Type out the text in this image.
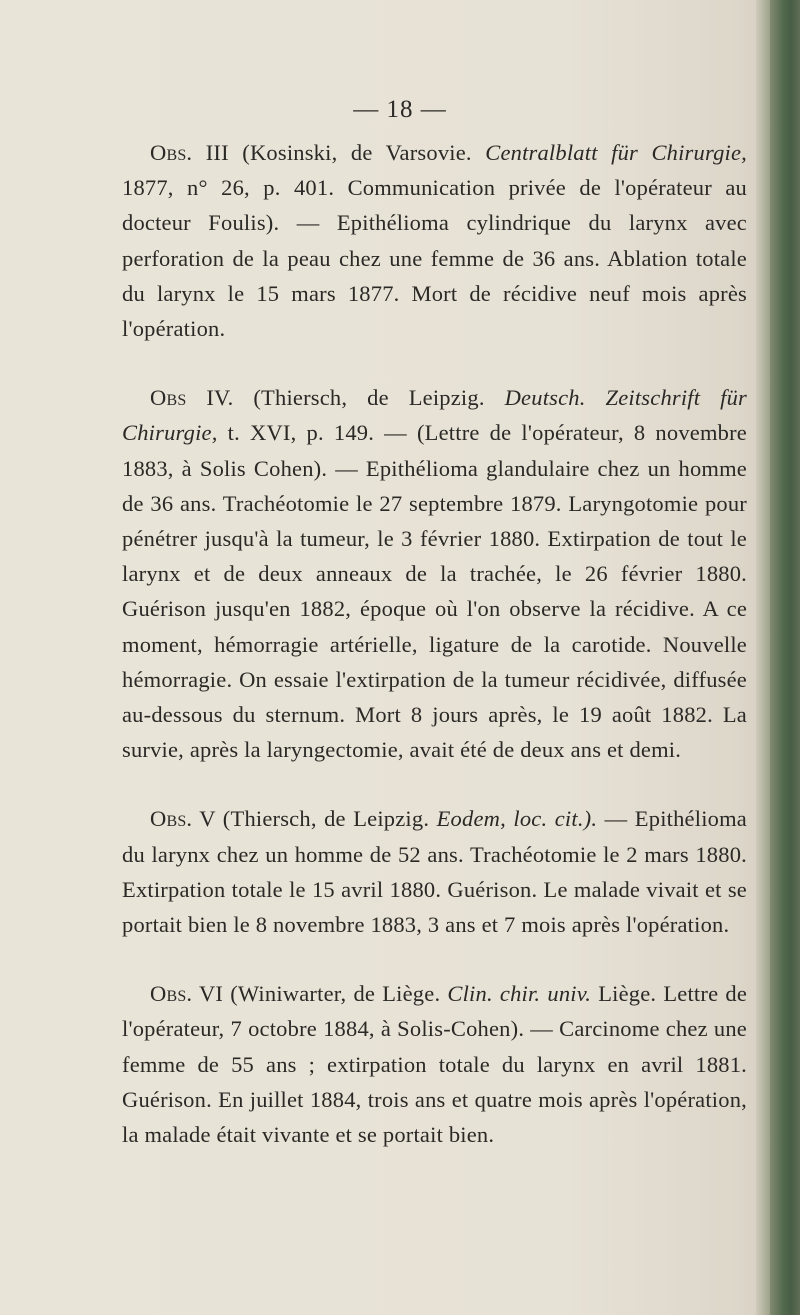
— 18 —

Obs. III (Kosinski, de Varsovie. Centralblatt für Chirurgie, 1877, n° 26, p. 401. Communication privée de l'opérateur au docteur Foulis). — Epithélioma cylindrique du larynx avec perforation de la peau chez une femme de 36 ans. Ablation totale du larynx le 15 mars 1877. Mort de récidive neuf mois après l'opération.

Obs IV. (Thiersch, de Leipzig. Deutsch. Zeitschrift für Chirurgie, t. XVI, p. 149. — (Lettre de l'opérateur, 8 novembre 1883, à Solis Cohen). — Epithélioma glandulaire chez un homme de 36 ans. Trachéotomie le 27 septembre 1879. Laryngotomie pour pénétrer jusqu'à la tumeur, le 3 février 1880. Extirpation de tout le larynx et de deux anneaux de la trachée, le 26 février 1880. Guérison jusqu'en 1882, époque où l'on observe la récidive. A ce moment, hémorragie artérielle, ligature de la carotide. Nouvelle hémorragie. On essaie l'extirpation de la tumeur récidivée, diffusée au-dessous du sternum. Mort 8 jours après, le 19 août 1882. La survie, après la laryngectomie, avait été de deux ans et demi.

Obs. V (Thiersch, de Leipzig. Eodem, loc. cit.). — Epithélioma du larynx chez un homme de 52 ans. Trachéotomie le 2 mars 1880. Extirpation totale le 15 avril 1880. Guérison. Le malade vivait et se portait bien le 8 novembre 1883, 3 ans et 7 mois après l'opération.

Obs. VI (Winiwarter, de Liège. Clin. chir. univ. Liège. Lettre de l'opérateur, 7 octobre 1884, à Solis-Cohen). — Carcinome chez une femme de 55 ans ; extirpation totale du larynx en avril 1881. Guérison. En juillet 1884, trois ans et quatre mois après l'opération, la malade était vivante et se portait bien.
